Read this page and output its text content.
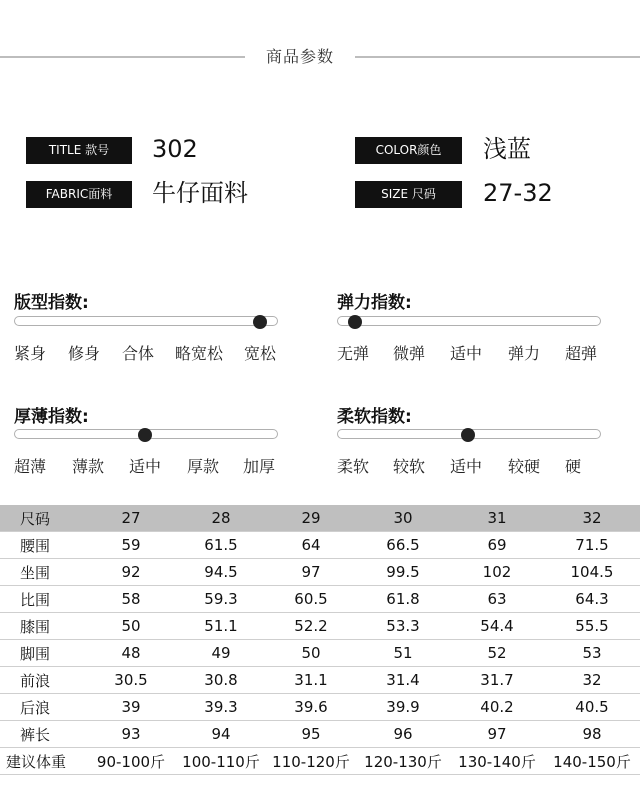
商品参数
TITLE 款号	302	COLOR颜色	浅蓝
FABRIC面料	牛仔面料	SIZE 尺码	27-32
版型指数:
紧身 修身 合体 略宽松 宽松
弹力指数:
无弹 微弹 适中 弹力 超弹
厚薄指数:
超薄 薄款 适中 厚款 加厚
柔软指数:
柔软 较软 适中 较硬 硬
尺码	27	28	29	30	31	32
腰围	59	61.5	64	66.5	69	71.5
坐围	92	94.5	97	99.5	102	104.5
比围	58	59.3	60.5	61.8	63	64.3
膝围	50	51.1	52.2	53.3	54.4	55.5
脚围	48	49	50	51	52	53
前浪	30.5	30.8	31.1	31.4	31.7	32
后浪	39	39.3	39.6	39.9	40.2	40.5
裤长	93	94	95	96	97	98
建议体重	90-100斤	100-110斤	110-120斤	120-130斤	130-140斤	140-150斤
